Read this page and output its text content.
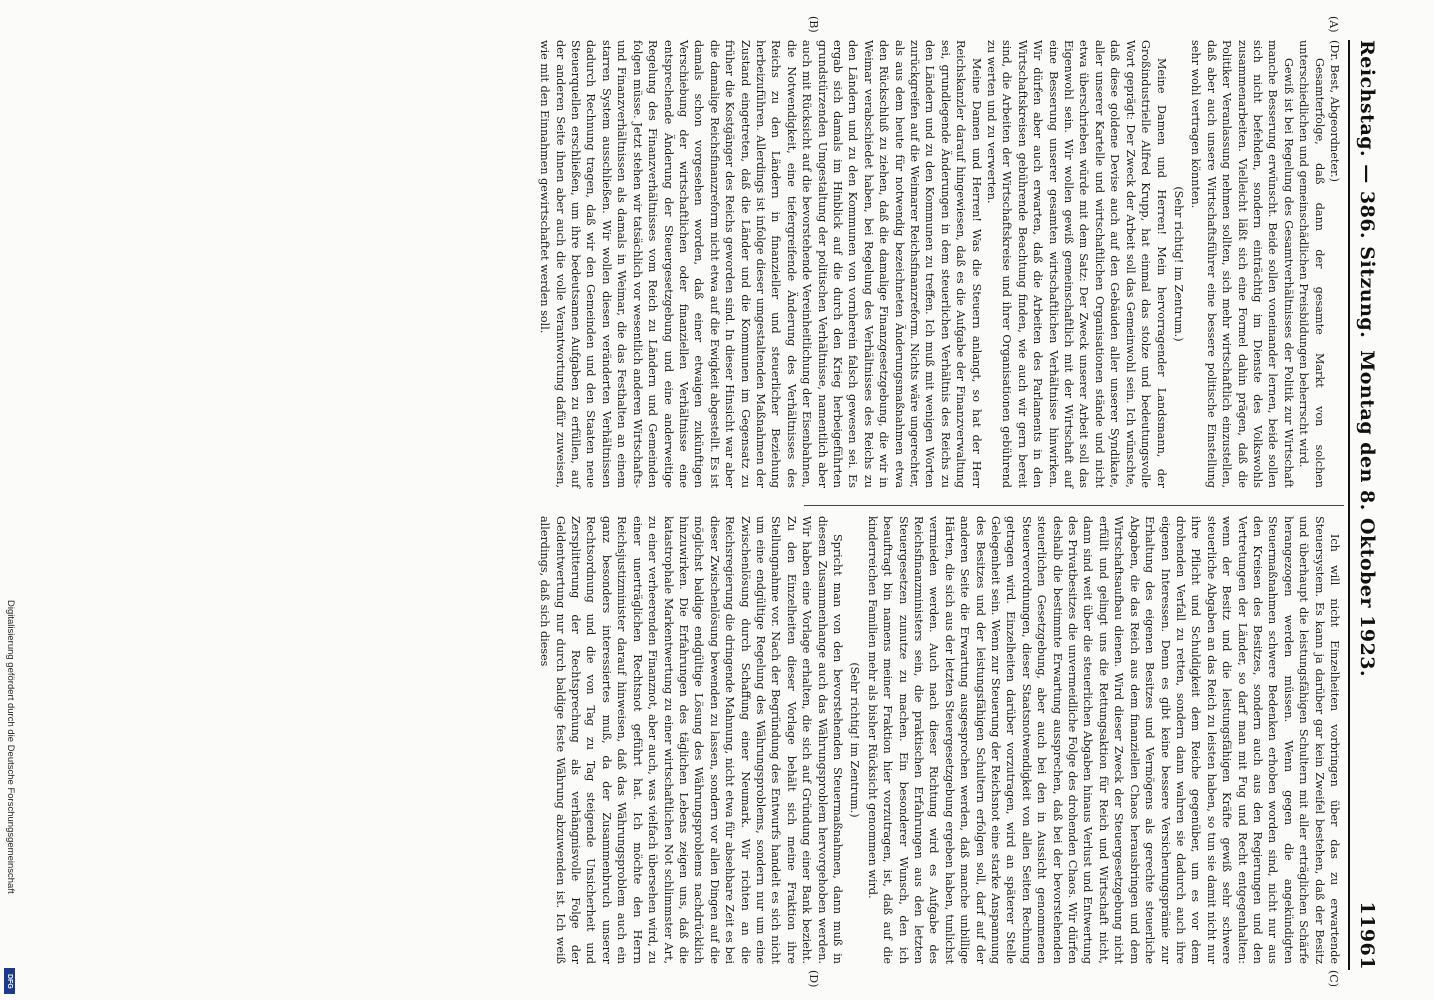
Reichstag. — 386. Sitzung.
Montag den 8. Oktober 1923.  11961
(A)
(B)
(C)
(D)

(Dr. Best, Abgeordneter.)

Gesamterfolge, daß dann der gesamte Markt von solchen unterschiedlichen und gemeinschädlichen Preisbildungen beherrscht wird.

Gewiß ist bei Regelung des Gesamtverhältnisses der Politik zur Wirtschaft manche Besserung erwünscht. Beide sollen voneinander lernen, beide sollen sich nicht befehden, sondern einträchtig im Dienste des Volkswohls zusammenarbeiten. Vielleicht läßt sich eine Formel dahin prägen, daß die Politiker Veranlassung nehmen sollten, sich mehr wirtschaftlich einzustellen, daß aber auch unsere Wirtschaftsführer eine bessere politische Einstellung sehr wohl vertragen könnten.

(Sehr richtig! im Zentrum.)

Meine Damen und Herren! Mein hervorragender Landsmann, der Großindustrielle Alfred Krupp, hat einmal das stolze und bedeutungsvolle Wort geprägt: Der Zweck der Arbeit soll das Gemeinwohl sein. Ich wünschte, daß diese goldene Devise auch auf den Gebäuden aller unserer Syndikate, aller unserer Kartelle und wirtschaftlichen Organisationen stände und nicht etwa überschrieben würde mit dem Satz: Der Zweck unserer Arbeit soll das Eigenwohl sein. Wir wollen gewiß gemeinschaftlich mit der Wirtschaft auf eine Besserung unserer gesamten wirtschaftlichen Verhältnisse hinwirken. Wir dürfen aber auch erwarten, daß die Arbeiten des Parlaments in den Wirtschaftskreisen gebührende Beachtung finden, wie auch wir gern bereit sind, die Arbeiten der Wirtschaftskreise und ihrer Organisationen gebührend zu werten und zu verwerten.

Meine Damen und Herren! Was die Steuern anlangt, so hat der Herr Reichskanzler darauf hingewiesen, daß es die Aufgabe der Finanzverwaltung sei, grundlegende Änderungen in dem steuerlichen Verhältnis des Reichs zu den Ländern und zu den Kommunen zu treffen. Ich muß mit wenigen Worten zurückgreifen auf die Weimarer Reichsfinanzreform. Nichts wäre ungerechter, als aus dem heute für notwendig bezeichneten Änderungsmaßnahmen etwa den Rückschluß zu ziehen, daß die damalige Finanzgesetzgebung, die wir in Weimar verabschiedet haben, bei Regelung des Verhältnisses des Reichs zu den Ländern und zu den Kommunen von vornherein falsch gewesen sei. Es ergab sich damals im Hinblick auf die durch den Krieg herbeigeführten grundstürzenden Umgestaltung der politischen Verhältnisse, namentlich aber auch mit Rücksicht auf die bevorstehende Vereinheitlichung der Eisenbahnen, die Notwendigkeit, eine tiefergreifende Änderung des Verhältnisses des Reichs zu den Ländern in finanzieller und steuerlicher Beziehung herbeizuführen. Allerdings ist infolge dieser umgestaltenden Maßnahmen der Zustand eingetreten, daß die Länder und die Kommunen im Gegensatz zu früher die Kostgänger des Reichs geworden sind. In dieser Hinsicht war aber die damalige Reichsfinanzreform nicht etwa auf die Ewigkeit abgestellt. Es ist damals schon vorgesehen worden, daß einer etwaigen zukünftigen Verschiebung der wirtschaftlichen oder finanziellen Verhältnisse eine entsprechende Änderung der Steuergesetzgebung und eine anderweitige Regelung des Finanzverhältnisses vom Reich zu Ländern und Gemeinden folgen müsse. Jetzt stehen wir tatsächlich vor wesentlich anderen Wirtschafts- und Finanzverhältnissen als damals in Weimar, die das Festhalten an einem starren System ausschließen. Wir wollen diesen veränderten Verhältnissen dadurch Rechnung tragen, daß wir den Gemeinden und den Staaten neue Steuerquellen erschließen, um ihre bedeutsamen Aufgaben zu erfüllen, auf der anderen Seite ihnen aber auch die volle Verantwortung dafür zuweisen, wie mit den Einnahmen gewirtschaftet werden soll.

Ich will nicht Einzelheiten vorbringen über das zu erwartende Steuersystem. Es kann ja darüber gar kein Zweifel bestehen, daß der Besitz und überhaupt die leistungsfähigen Schultern mit aller erträglichen Schärfe herangezogen werden müssen. Wenn gegen die angekündigten Steuermaßnahmen schwere Bedenken erhoben worden sind, nicht nur aus den Kreisen des Besitzes, sondern auch aus den Regierungen und den Vertretungen der Länder, so darf man mit Fug und Recht entgegenhalten: wenn der Besitz und die leistungsfähigen Kräfte gewiß sehr schwere steuerliche Abgaben an das Reich zu leisten haben, so tun sie damit nicht nur ihre Pflicht und Schuldigkeit dem Reiche gegenüber, um es vor dem drohenden Verfall zu retten, sondern dann wahren sie dadurch auch ihre eigenen Interessen. Denn es gibt keine bessere Versicherungsprämie zur Erhaltung des eigenen Besitzes und Vermögens als gerechte steuerliche Abgaben, die das Reich aus dem finanziellen Chaos herausbringen und dem Wirtschaftsaufbau dienen. Wird dieser Zweck der Steuergesetzgebung nicht erfüllt und gelingt uns die Rettungsaktion für Reich und Wirtschaft nicht, dann sind weit über die steuerlichen Abgaben hinaus Verlust und Entwertung des Privatbesitzes die unvermeidliche Folge des drohenden Chaos. Wir dürfen deshalb die bestimmte Erwartung aussprechen, daß bei der bevorstehenden steuerlichen Gesetzgebung, aber auch bei den in Aussicht genommenen Steuerverordnungen, dieser Staatsnotwendigkeit von allen Seiten Rechnung getragen wird. Einzelheiten darüber vorzutragen, wird an späterer Stelle Gelegenheit sein. Wenn zur Steuerung der Reichsnot eine starke Anspannung des Besitzes und der leistungsfähigen Schultern erfolgen soll, darf auf der anderen Seite die Erwartung ausgesprochen werden, daß manche unbillige Härten, die sich aus der letzten Steuergesetzgebung ergeben haben, tunlichst vermieden werden. Auch nach dieser Richtung wird es Aufgabe des Reichsfinanzministers sein, die praktischen Erfahrungen aus den letzten Steuergesetzen zunutze zu machen. Ein besonderer Wunsch, den ich beauftragt bin namens meiner Fraktion hier vorzutragen, ist, daß auf die kinderreichen Familien mehr als bisher Rücksicht genommen wird.

(Sehr richtig! im Zentrum.)

Spricht man von den bevorstehenden Steuermaßnahmen, dann muß in diesem Zusammenhange auch das Währungsproblem hervorgehoben werden. Wir haben eine Vorlage erhalten, die sich auf Gründung einer Bank bezieht. Zu den Einzelheiten dieser Vorlage behält sich meine Fraktion ihre Stellungnahme vor. Nach der Begründung des Entwurfs handelt es sich nicht um eine endgültige Regelung des Währungsproblems, sondern nur um eine Zwischenlösung durch Schaffung einer Neumark. Wir richten an die Reichsregierung die dringende Mahnung, nicht etwa für absehbare Zeit es bei dieser Zwischenlösung bewenden zu lassen, sondern vor allen Dingen auf die möglichst baldige endgültige Lösung des Währungsproblems nachdrücklich hinzuwirken. Die Erfahrungen des täglichen Lebens zeigen uns, daß die katastrophale Markentwertung zu einer wirtschaftlichen Not schlimmster Art, zu einer verheerenden Finanznot, aber auch, was vielfach übersehen wird, zu einer unerträglichen Rechtsnot geführt hat. Ich möchte den Herrn Reichsjustizminister darauf hinweisen, daß das Währungsproblem auch ein ganz besonders interessiertes muß, da der Zusammenbruch unserer Rechtsordnung und die von Tag zu Tag steigende Unsicherheit und Zersplitterung der Rechtsprechung als verhängnisvolle Folge der Geldentwertung nur durch baldige feste Währung abzuwenden ist. Ich weiß allerdings, daß sich dieses

Digitalisierung gefördert durch die Deutsche Forschungsgemeinschaft
DFG
